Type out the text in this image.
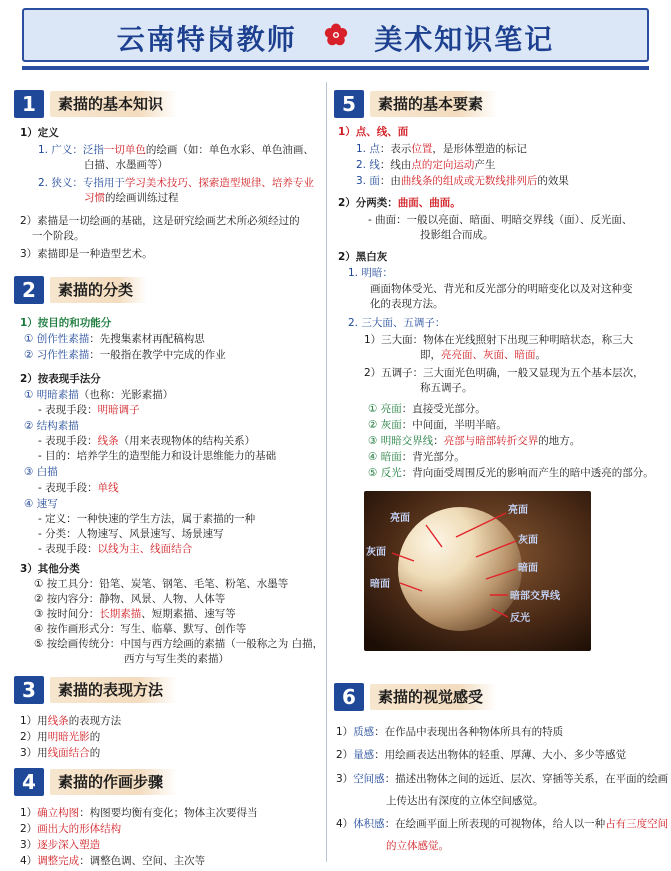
云南特岗教师	美术知识笔记
1	素描的基本知识
1）定义
1. 广义：泛指一切单色的绘画（如：单色水彩、单色油画、
白描、水墨画等）
2. 狭义：专指用于学习美术技巧、探索造型规律、培养专业
习惯的绘画训练过程
2）素描是一切绘画的基础，这是研究绘画艺术所必须经过的
一个阶段。
3）素描即是一种造型艺术。
2	素描的分类
1）按目的和功能分
① 创作性素描：先搜集素材再配稿构思
② 习作性素描：一般指在教学中完成的作业
2）按表现手法分
① 明暗素描（也称：光影素描）
- 表现手段：明暗调子
② 结构素描
- 表现手段：线条（用来表现物体的结构关系）
- 目的：培养学生的造型能力和设计思维能力的基础
③ 白描
- 表现手段：单线
④ 速写
- 定义：一种快速的学生方法，属于素描的一种
- 分类：人物速写、风景速写、场景速写
- 表现手段：以线为主、线面结合
3）其他分类
① 按工具分：铅笔、炭笔、钢笔、毛笔、粉笔、水墨等
② 按内容分：静物、风景、人物、人体等
③ 按时间分：长期素描、短期素描、速写等
④ 按作画形式分：写生、临摹、默写、创作等
⑤ 按绘画传统分：中国与西方绘画的素描（一般称之为 白描，
西方与写生类的素描）
3	素描的表现方法
1）用线条的表现方法
2）用明暗光影的
3）用线面结合的
4	素描的作画步骤
1）确立构图：构图要均衡有变化；物体主次要得当
2）画出大的形体结构
3）逐步深入塑造
4）调整完成：调整色调、空间、主次等
5	素描的基本要素
1）点、线、面
1. 点：表示位置，是形体塑造的标记
2. 线：线由点的定向运动产生
3. 面：由曲线条的组成或无数线排列后的效果
2）分两类：曲面、曲面。
- 曲面：一般以亮面、暗面、明暗交界线（面）、反光面、
投影组合而成。
2）黑白灰
1. 明暗：
画面物体受光、背光和反光部分的明暗变化以及对这种变
化的表现方法。
2. 三大面、五调子：
1）三大面：物体在光线照射下出现三种明暗状态，称三大
即，亮亮面、灰面、暗面。
2）五调子：三大面光色明确，一般又显现为五个基本层次，
称五调子。
① 亮面：直接受光部分。
② 灰面：中间面，半明半暗。
③ 明暗交界线：亮部与暗部转折交界的地方。
④ 暗面：背光部分。
⑤ 反光：背向面受周围反光的影响而产生的暗中透亮的部分。
6	素描的视觉感受
1）质感：在作品中表现出各种物体所具有的特质
2）量感：用绘画表达出物体的轻重、厚薄、大小、多少等感觉
3）空间感：描述出物体之间的远近、层次、穿插等关系，在平面的绘画
上传达出有深度的立体空间感觉。
4）体积感：在绘画平面上所表现的可视物体，给人以一种占有三度空间
的立体感觉。
亮面
亮面
灰面
灰面
暗面
暗面
暗部交界线
反光
